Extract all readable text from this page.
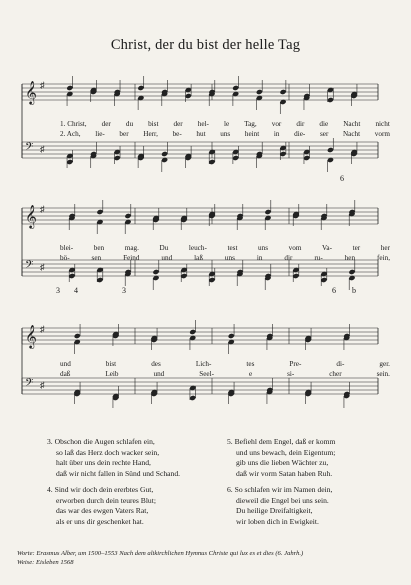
Christ, der du bist der helle Tag
𝄞 ♯
𝄢 ♯
1. Christ, der du bist der hel- le Tag, vor dir die Nacht nicht
2. Ach, lie- ber Herr, be- hut uns heint in die- ser Nacht vorm
6
𝄞 ♯
𝄢 ♯
blei-	ben	mag.	Du	leuch-	test	uns	vom	Va-	ter	her
bö-	sen	Feind	und	laß	uns	in	dir	ru-	hen	fein,
3 4	3	6 b
𝄞 ♯
𝄢 ♯
und	bist	des	Lich-	tes	Pre-	di-	ger.
daß	Leib	und	Seel-	e	si-	cher	sein.

3. Obschon die Augen schlafen ein,
so laß das Herz doch wacker sein,
halt über uns dein rechte Hand,
daß wir nicht fallen in Sünd und Schand.

4. Sind wir doch dein ererbtes Gut,
erworben durch dein teures Blut;
das war des ewgen Vaters Rat,
als er uns dir geschenket hat.

5. Befiehl dem Engel, daß er komm
und uns bewach, dein Eigentum;
gib uns die lieben Wächter zu,
daß wir vorm Satan haben Ruh.

6. So schlafen wir im Namen dein,
dieweil die Engel bei uns sein.
Du heilige Dreifaltigkeit,
wir loben dich in Ewigkeit.

Worte: Erasmus Alber, um 1500–1553 Nach dem altkirchlichen Hymnus Christe qui lux es et dies (6. Jahrh.)
Weise: Eisleben 1568
